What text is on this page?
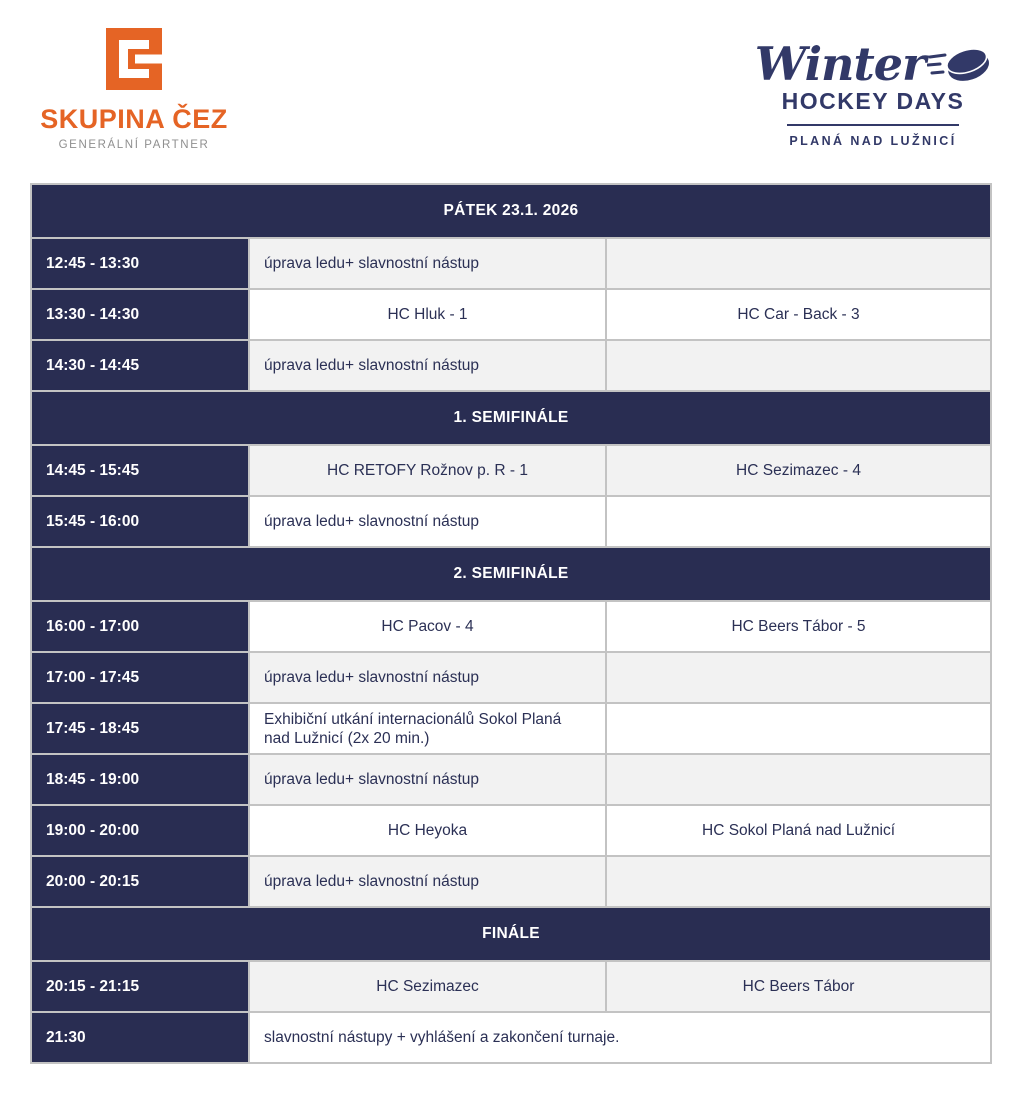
SKUPINA ČEZ
GENERÁLNÍ PARTNER
Winter
HOCKEY DAYS
PLANÁ NAD LUŽNICÍ
PÁTEK 23.1. 2026		
12:45 - 13:30	úprava ledu+ slavnostní nástup	
13:30 - 14:30	HC Hluk - 1	HC Car - Back - 3
14:30 - 14:45	úprava ledu+ slavnostní nástup	
1. SEMIFINÁLE		
14:45 - 15:45	HC RETOFY Rožnov p. R - 1	HC Sezimazec - 4
15:45 - 16:00	úprava ledu+ slavnostní nástup	
2. SEMIFINÁLE		
16:00 - 17:00	HC Pacov - 4	HC Beers Tábor - 5
17:00 - 17:45	úprava ledu+ slavnostní nástup	
17:45 - 18:45	Exhibiční utkání internacionálů Sokol Planá nad Lužnicí (2x 20 min.)	
18:45 - 19:00	úprava ledu+ slavnostní nástup	
19:00 - 20:00	HC Heyoka	HC Sokol Planá nad Lužnicí
20:00 - 20:15	úprava ledu+ slavnostní nástup	
FINÁLE		
20:15 - 21:15	HC Sezimazec	HC Beers Tábor
21:30	slavnostní nástupy + vyhlášení a zakončení turnaje.	
